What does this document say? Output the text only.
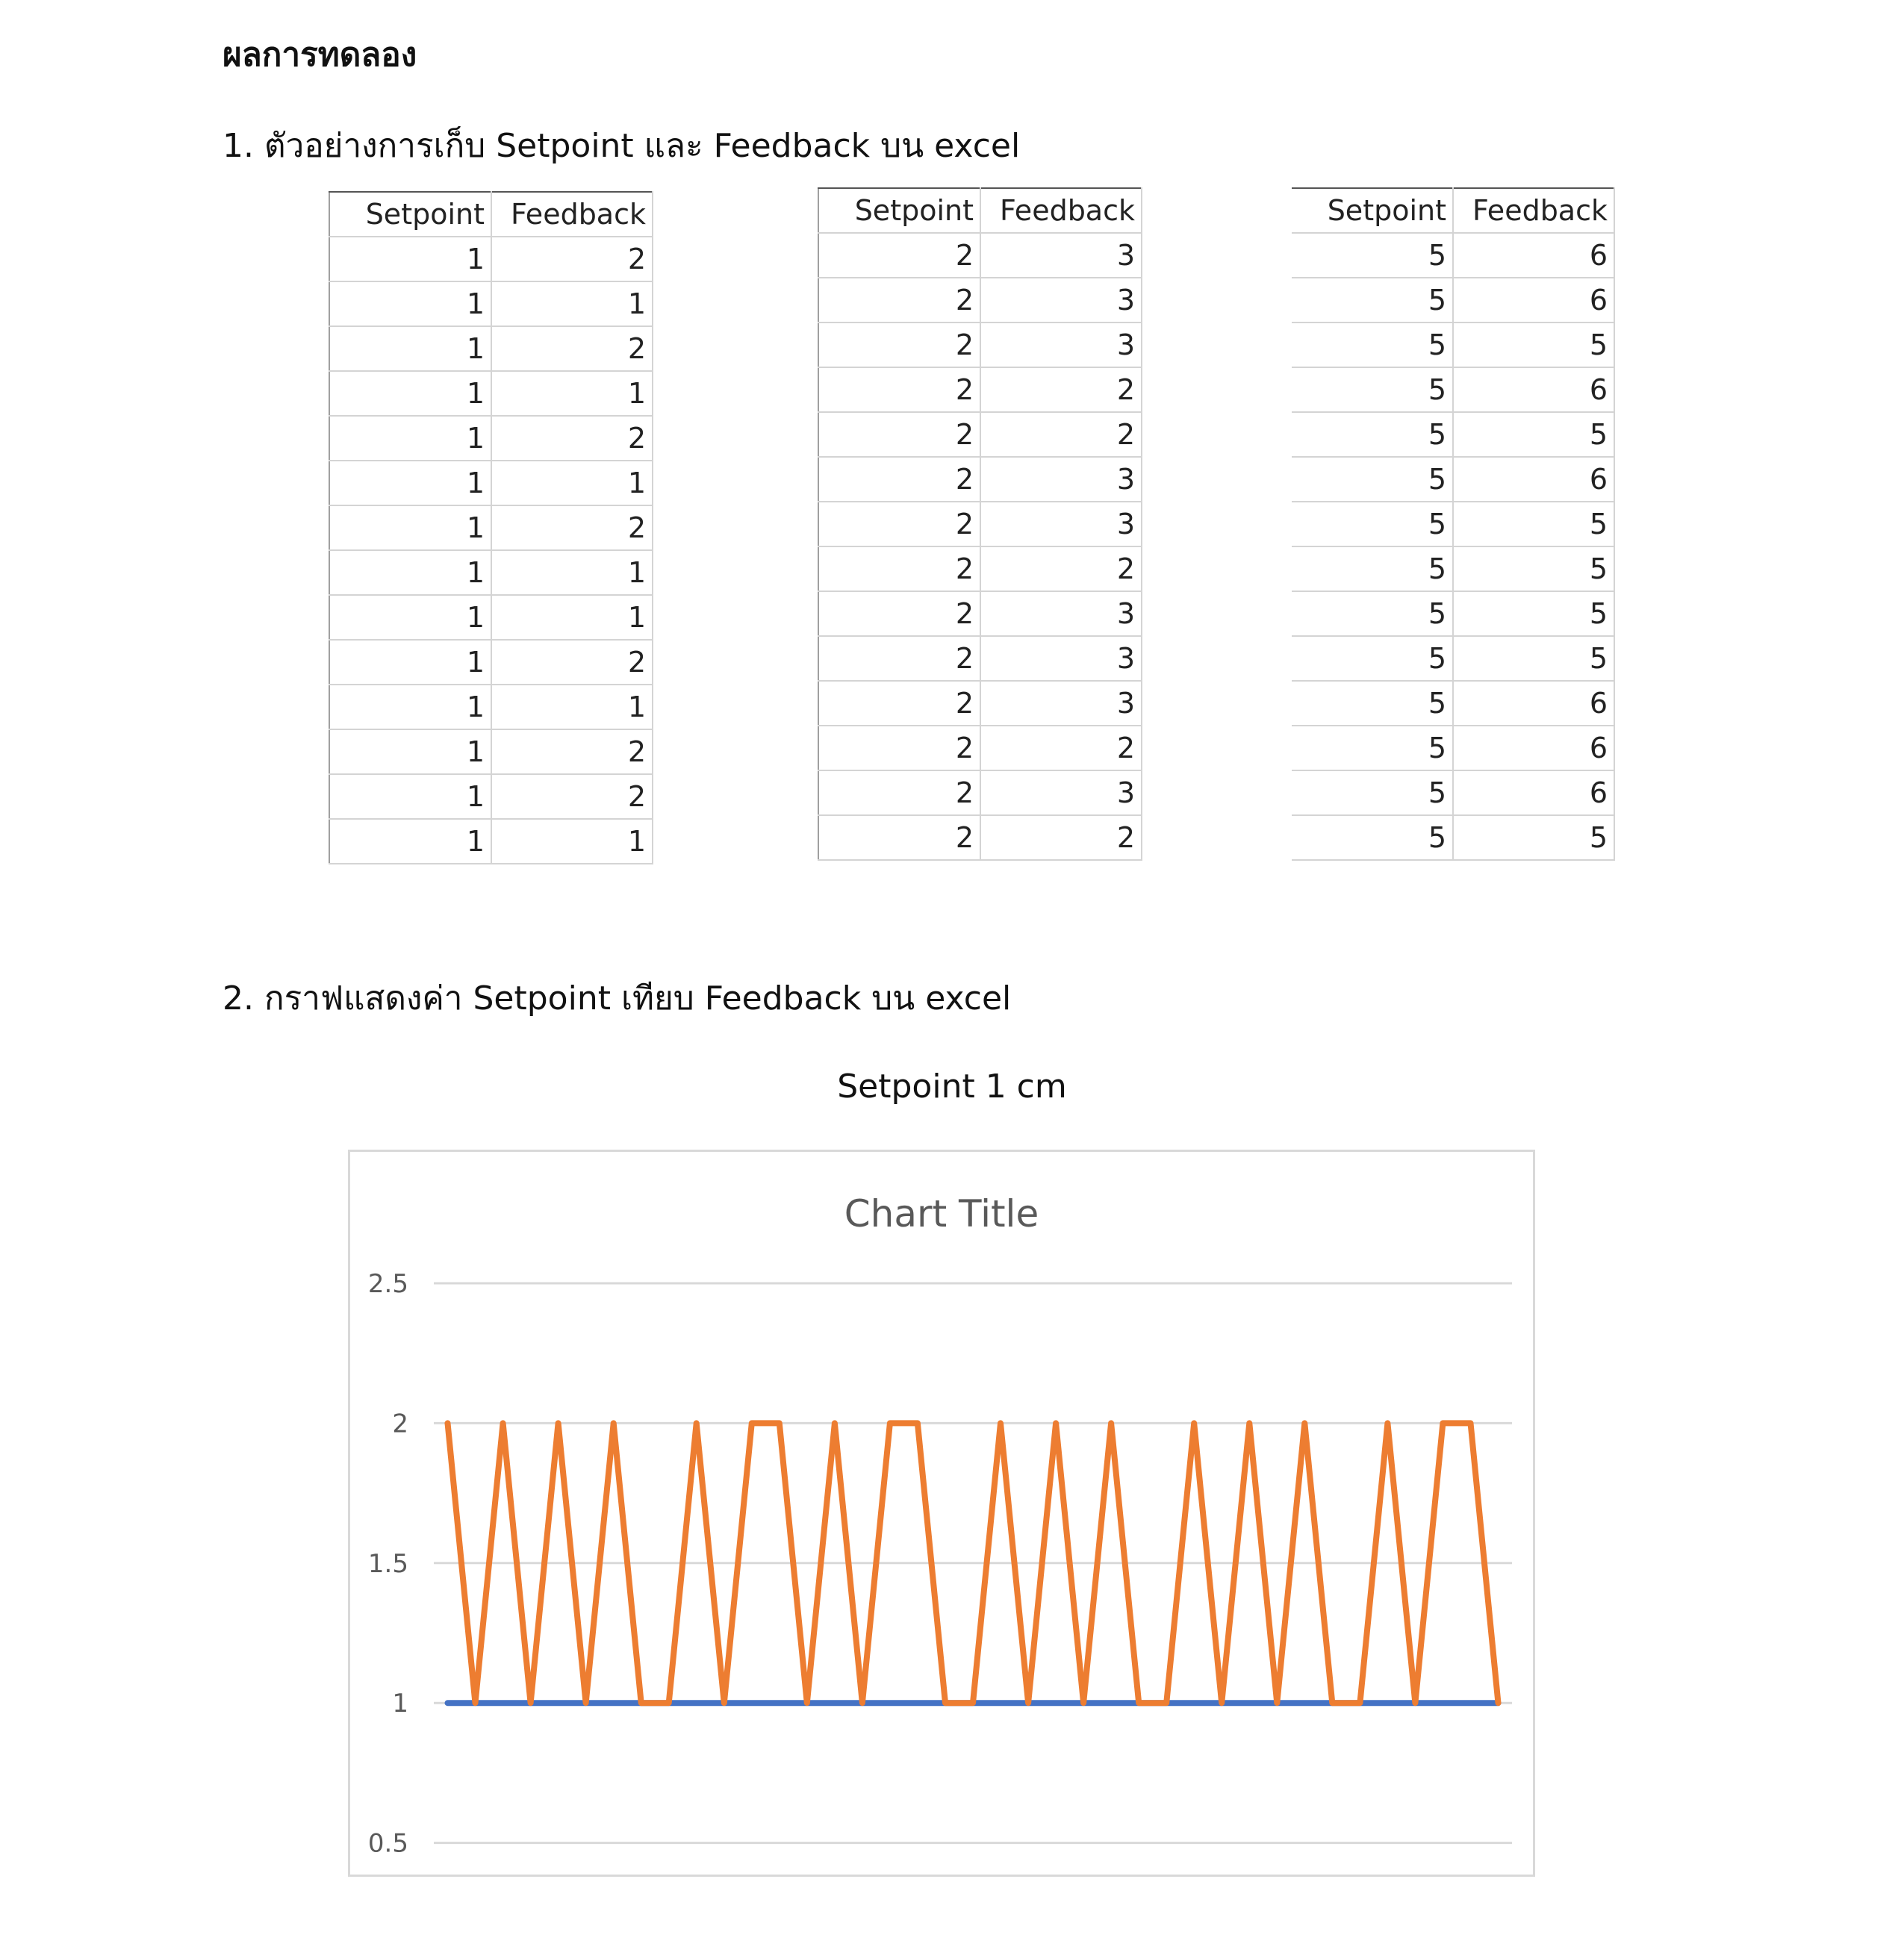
ผลการทดลอง
1. ตัวอย่างการเก็บ Setpoint และ Feedback บน excel
Setpoint	Feedback
1	2
1	1
1	2
1	1
1	2
1	1
1	2
1	1
1	1
1	2
1	1
1	2
1	2
1	1
Setpoint	Feedback
2	3
2	3
2	3
2	2
2	2
2	3
2	3
2	2
2	3
2	3
2	3
2	2
2	3
2	2
Setpoint	Feedback
5	6
5	6
5	5
5	6
5	5
5	6
5	5
5	5
5	5
5	5
5	6
5	6
5	6
5	5
2. กราฟแสดงค่า Setpoint เทียบ Feedback บน excel
Setpoint 1 cm
Chart Title
0.5
1
1.5
2
2.5
